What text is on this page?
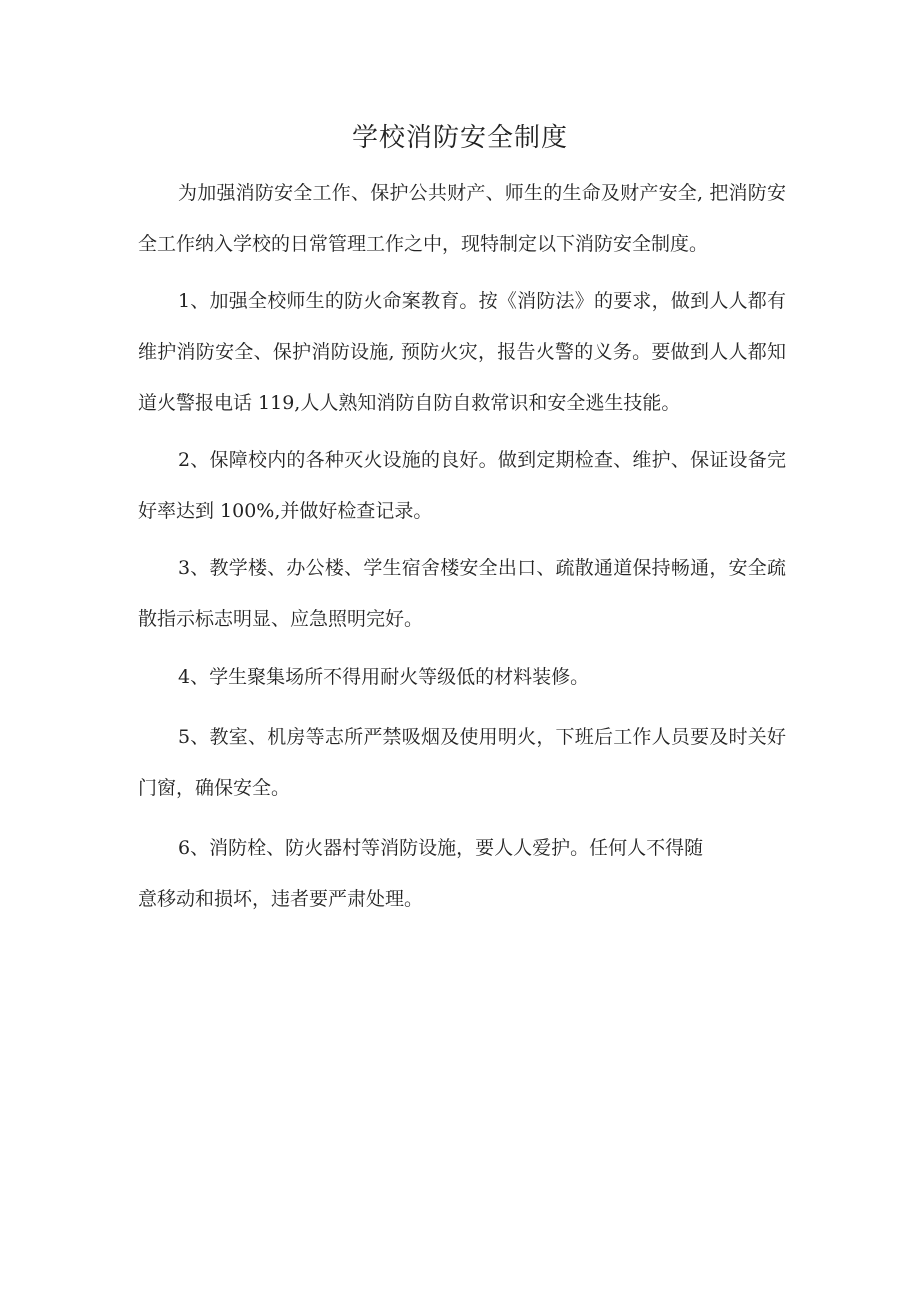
学校消防安全制度

为加强消防安全工作、保护公共财产、师生的生命及财产安全, 把消防安全工作纳入学校的日常管理工作之中，现特制定以下消防安全制度。

1、加强全校师生的防火命案教育。按《消防法》的要求，做到人人都有维护消防安全、保护消防设施, 预防火灾，报告火警的义务。要做到人人都知道火警报电话 119,人人熟知消防自防自救常识和安全逃生技能。

2、保障校内的各种灭火设施的良好。做到定期检查、维护、保证设备完好率达到 100%,并做好检查记录。

3、教学楼、办公楼、学生宿舍楼安全出口、疏散通道保持畅通，安全疏散指示标志明显、应急照明完好。

4、学生聚集场所不得用耐火等级低的材料装修。

5、教室、机房等志所严禁吸烟及使用明火，下班后工作人员要及时关好门窗，确保安全。

6、消防栓、防火器村等消防设施，要人人爱护。任何人不得随
意移动和损坏，违者要严肃处理。
